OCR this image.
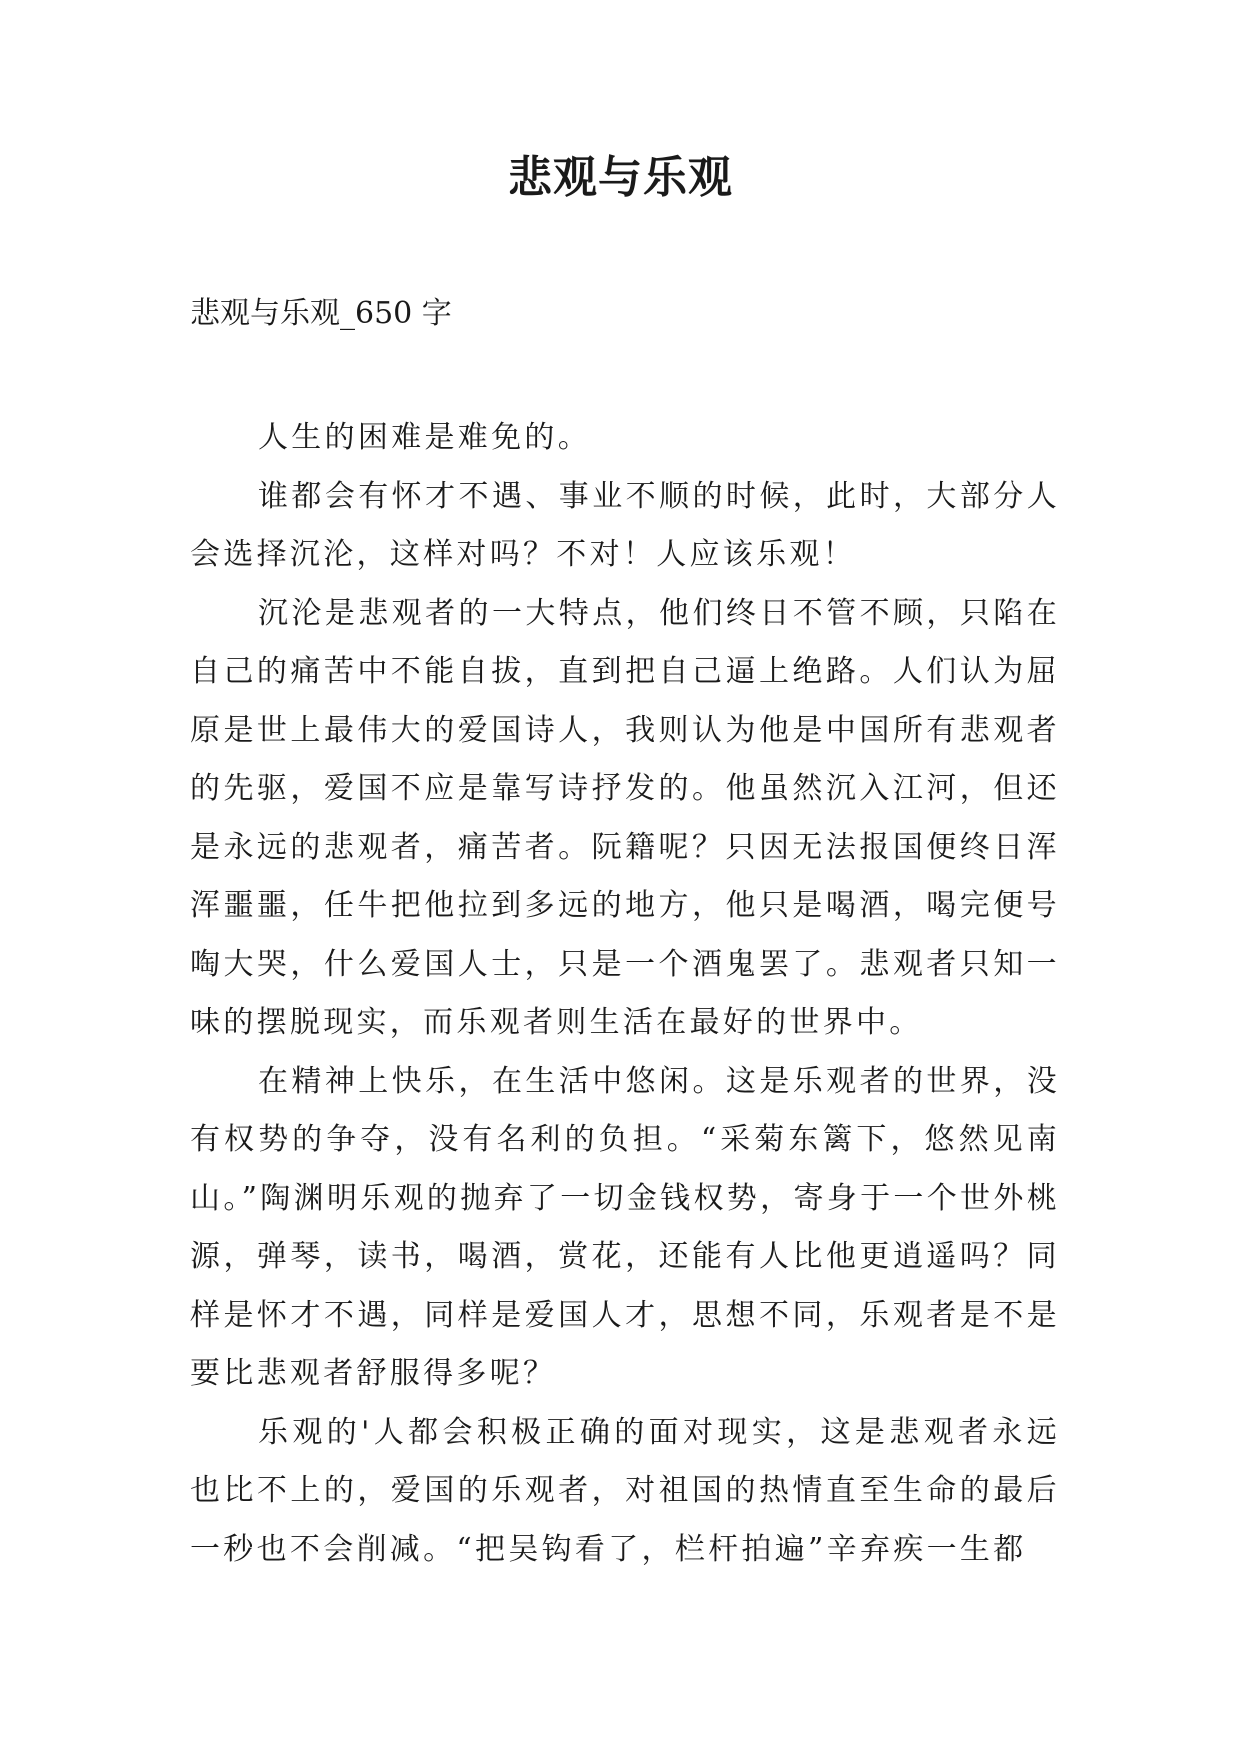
悲观与乐观
悲观与乐观_650 字

人生的困难是难免的。

谁都会有怀才不遇、事业不顺的时候，此时，大部分人会选择沉沦，这样对吗？不对！人应该乐观！

沉沦是悲观者的一大特点，他们终日不管不顾，只陷在自己的痛苦中不能自拔，直到把自己逼上绝路。人们认为屈原是世上最伟大的爱国诗人，我则认为他是中国所有悲观者的先驱，爱国不应是靠写诗抒发的。他虽然沉入江河，但还是永远的悲观者，痛苦者。阮籍呢？只因无法报国便终日浑浑噩噩，任牛把他拉到多远的地方，他只是喝酒，喝完便号啕大哭，什么爱国人士，只是一个酒鬼罢了。悲观者只知一味的摆脱现实，而乐观者则生活在最好的世界中。

在精神上快乐，在生活中悠闲。这是乐观者的世界，没有权势的争夺，没有名利的负担。“采菊东篱下，悠然见南山。”陶渊明乐观的抛弃了一切金钱权势，寄身于一个世外桃源，弹琴，读书，喝酒，赏花，还能有人比他更逍遥吗？同样是怀才不遇，同样是爱国人才，思想不同，乐观者是不是要比悲观者舒服得多呢？

乐观的'人都会积极正确的面对现实，这是悲观者永远也比不上的，爱国的乐观者，对祖国的热情直至生命的最后一秒也不会削减。“把吴钩看了，栏杆拍遍”辛弃疾一生都
